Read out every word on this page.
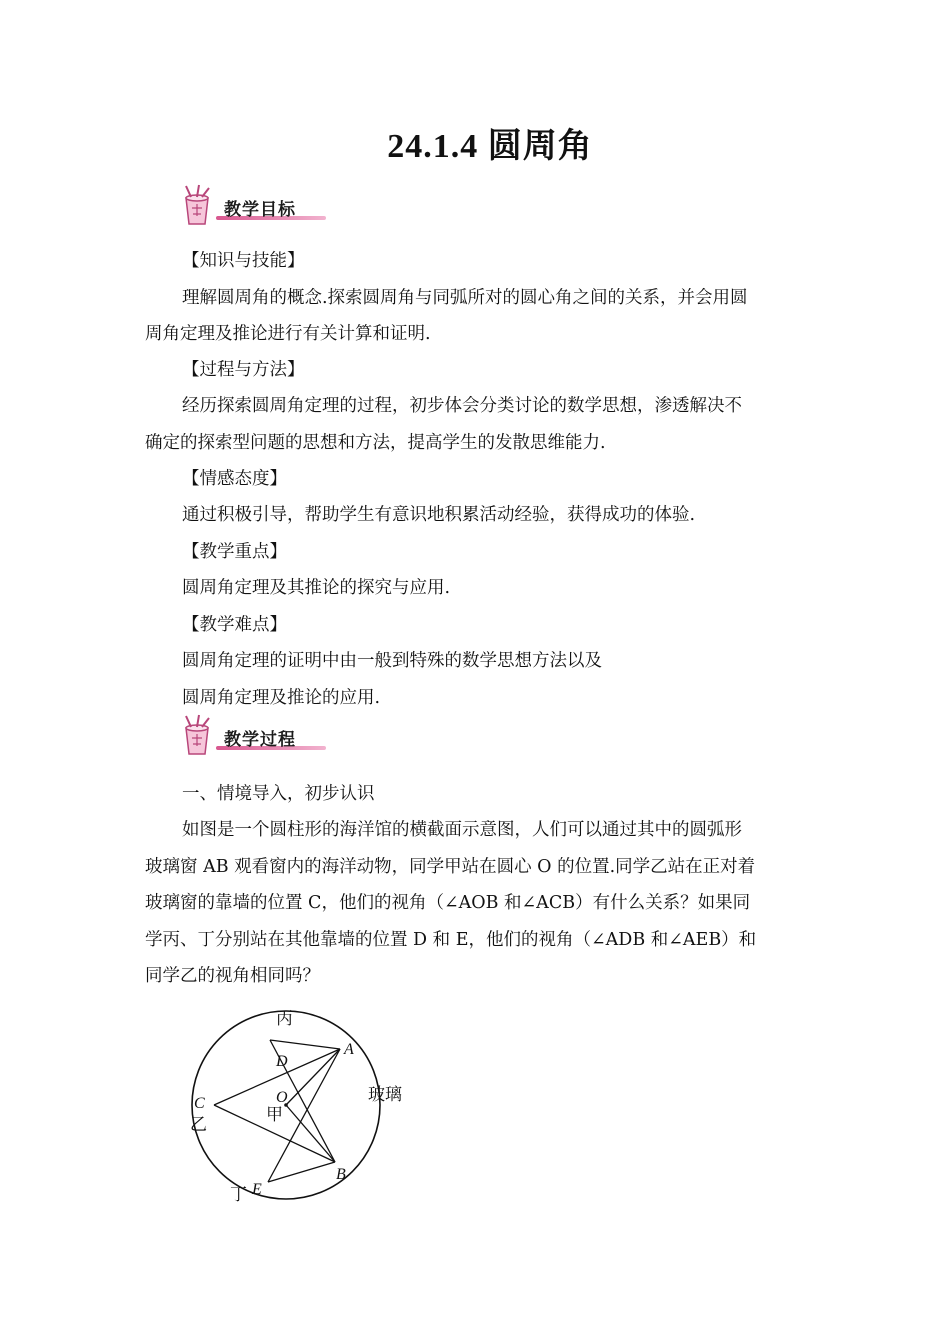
24.1.4 圆周角
教学目标
【知识与技能】
理解圆周角的概念.探索圆周角与同弧所对的圆心角之间的关系，并会用圆
周角定理及推论进行有关计算和证明.
【过程与方法】
经历探索圆周角定理的过程，初步体会分类讨论的数学思想，渗透解决不
确定的探索型问题的思想和方法，提高学生的发散思维能力.
【情感态度】
通过积极引导，帮助学生有意识地积累活动经验，获得成功的体验.
【教学重点】
圆周角定理及其推论的探究与应用.
【教学难点】
圆周角定理的证明中由一般到特殊的数学思想方法以及
圆周角定理及推论的应用.
教学过程
一、情境导入，初步认识
如图是一个圆柱形的海洋馆的横截面示意图，人们可以通过其中的圆弧形
玻璃窗 AB 观看窗内的海洋动物，同学甲站在圆心 O 的位置.同学乙站在正对着
玻璃窗的靠墙的位置 C，他们的视角（∠AOB 和∠ACB）有什么关系？如果同
学丙、丁分别站在其他靠墙的位置 D 和 E，他们的视角（∠ADB 和∠AEB）和
同学乙的视角相同吗？
丙
D
A
C
乙
O
甲
玻璃
B
丁 E
